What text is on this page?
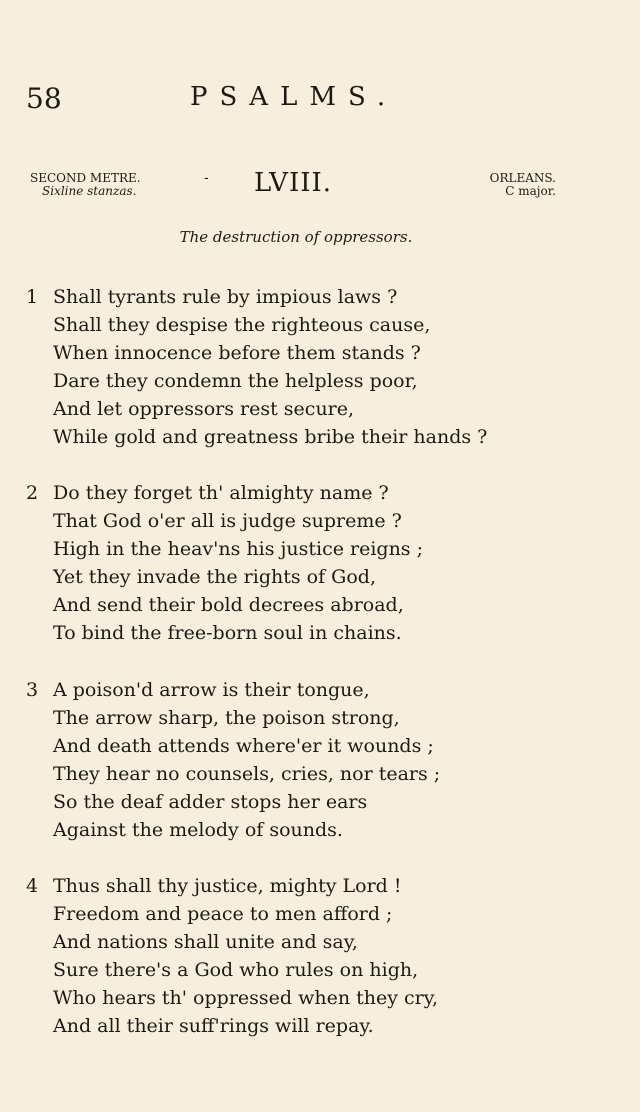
58	PSALMS.
SECOND METRE.
Sixline stanzas.
- LVIII.	ORLEANS.
C major.
The destruction of oppressors.
1 Shall tyrants rule by impious laws ?
Shall they despise the righteous cause,
When innocence before them stands ?
Dare they condemn the helpless poor,
And let oppressors rest secure,
While gold and greatness bribe their hands ?
2 Do they forget th' almighty name ?
That God o'er all is judge supreme ?
High in the heav'ns his justice reigns ;
Yet they invade the rights of God,
And send their bold decrees abroad,
To bind the free-born soul in chains.
3 A poison'd arrow is their tongue,
The arrow sharp, the poison strong,
And death attends where'er it wounds ;
They hear no counsels, cries, nor tears ;
So the deaf adder stops her ears
Against the melody of sounds.
4 Thus shall thy justice, mighty Lord !
Freedom and peace to men afford ;
And nations shall unite and say,
Sure there's a God who rules on high,
Who hears th' oppressed when they cry,
And all their suff'rings will repay.
